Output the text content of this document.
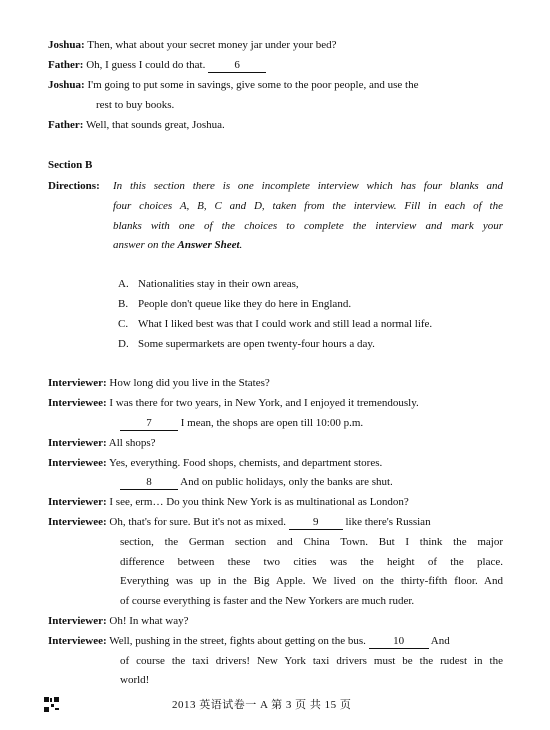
Joshua: Then, what about your secret money jar under your bed?
Father: Oh, I guess I could do that.	6
Joshua: I'm going to put some in savings, give some to the poor people, and use the
rest to buy books.
Father: Well, that sounds great, Joshua.
Section B
Directions: In this section there is one incomplete interview which has four blanks and
four choices A, B, C and D, taken from the interview. Fill in each of the
blanks with one of the choices to complete the interview and mark your
answer on the Answer Sheet.
A. Nationalities stay in their own areas,
B. People don't queue like they do here in England.
C. What I liked best was that I could work and still lead a normal life.
D. Some supermarkets are open twenty-four hours a day.
Interviewer: How long did you live in the States?
Interviewee: I was there for two years, in New York, and I enjoyed it tremendously.
7	I mean, the shops are open till 10:00 p.m.
Interviewer: All shops?
Interviewee: Yes, everything. Food shops, chemists, and department stores.
8	And on public holidays, only the banks are shut.
Interviewer: I see, erm… Do you think New York is as multinational as London?
Interviewee: Oh, that's for sure. But it's not as mixed. 9 like there's Russian
section, the German section and China Town. But I think the major
difference between these two cities was the height of the place.
Everything was up in the Big Apple. We lived on the thirty-fifth floor. And
of course everything is faster and the New Yorkers are much ruder.
Interviewer: Oh! In what way?
Interviewee: Well, pushing in the street, fights about getting on the bus. 10 And
of course the taxi drivers! New York taxi drivers must be the rudest in the
world!
2013 英语试卷一 A 第 3 页 共 15 页
